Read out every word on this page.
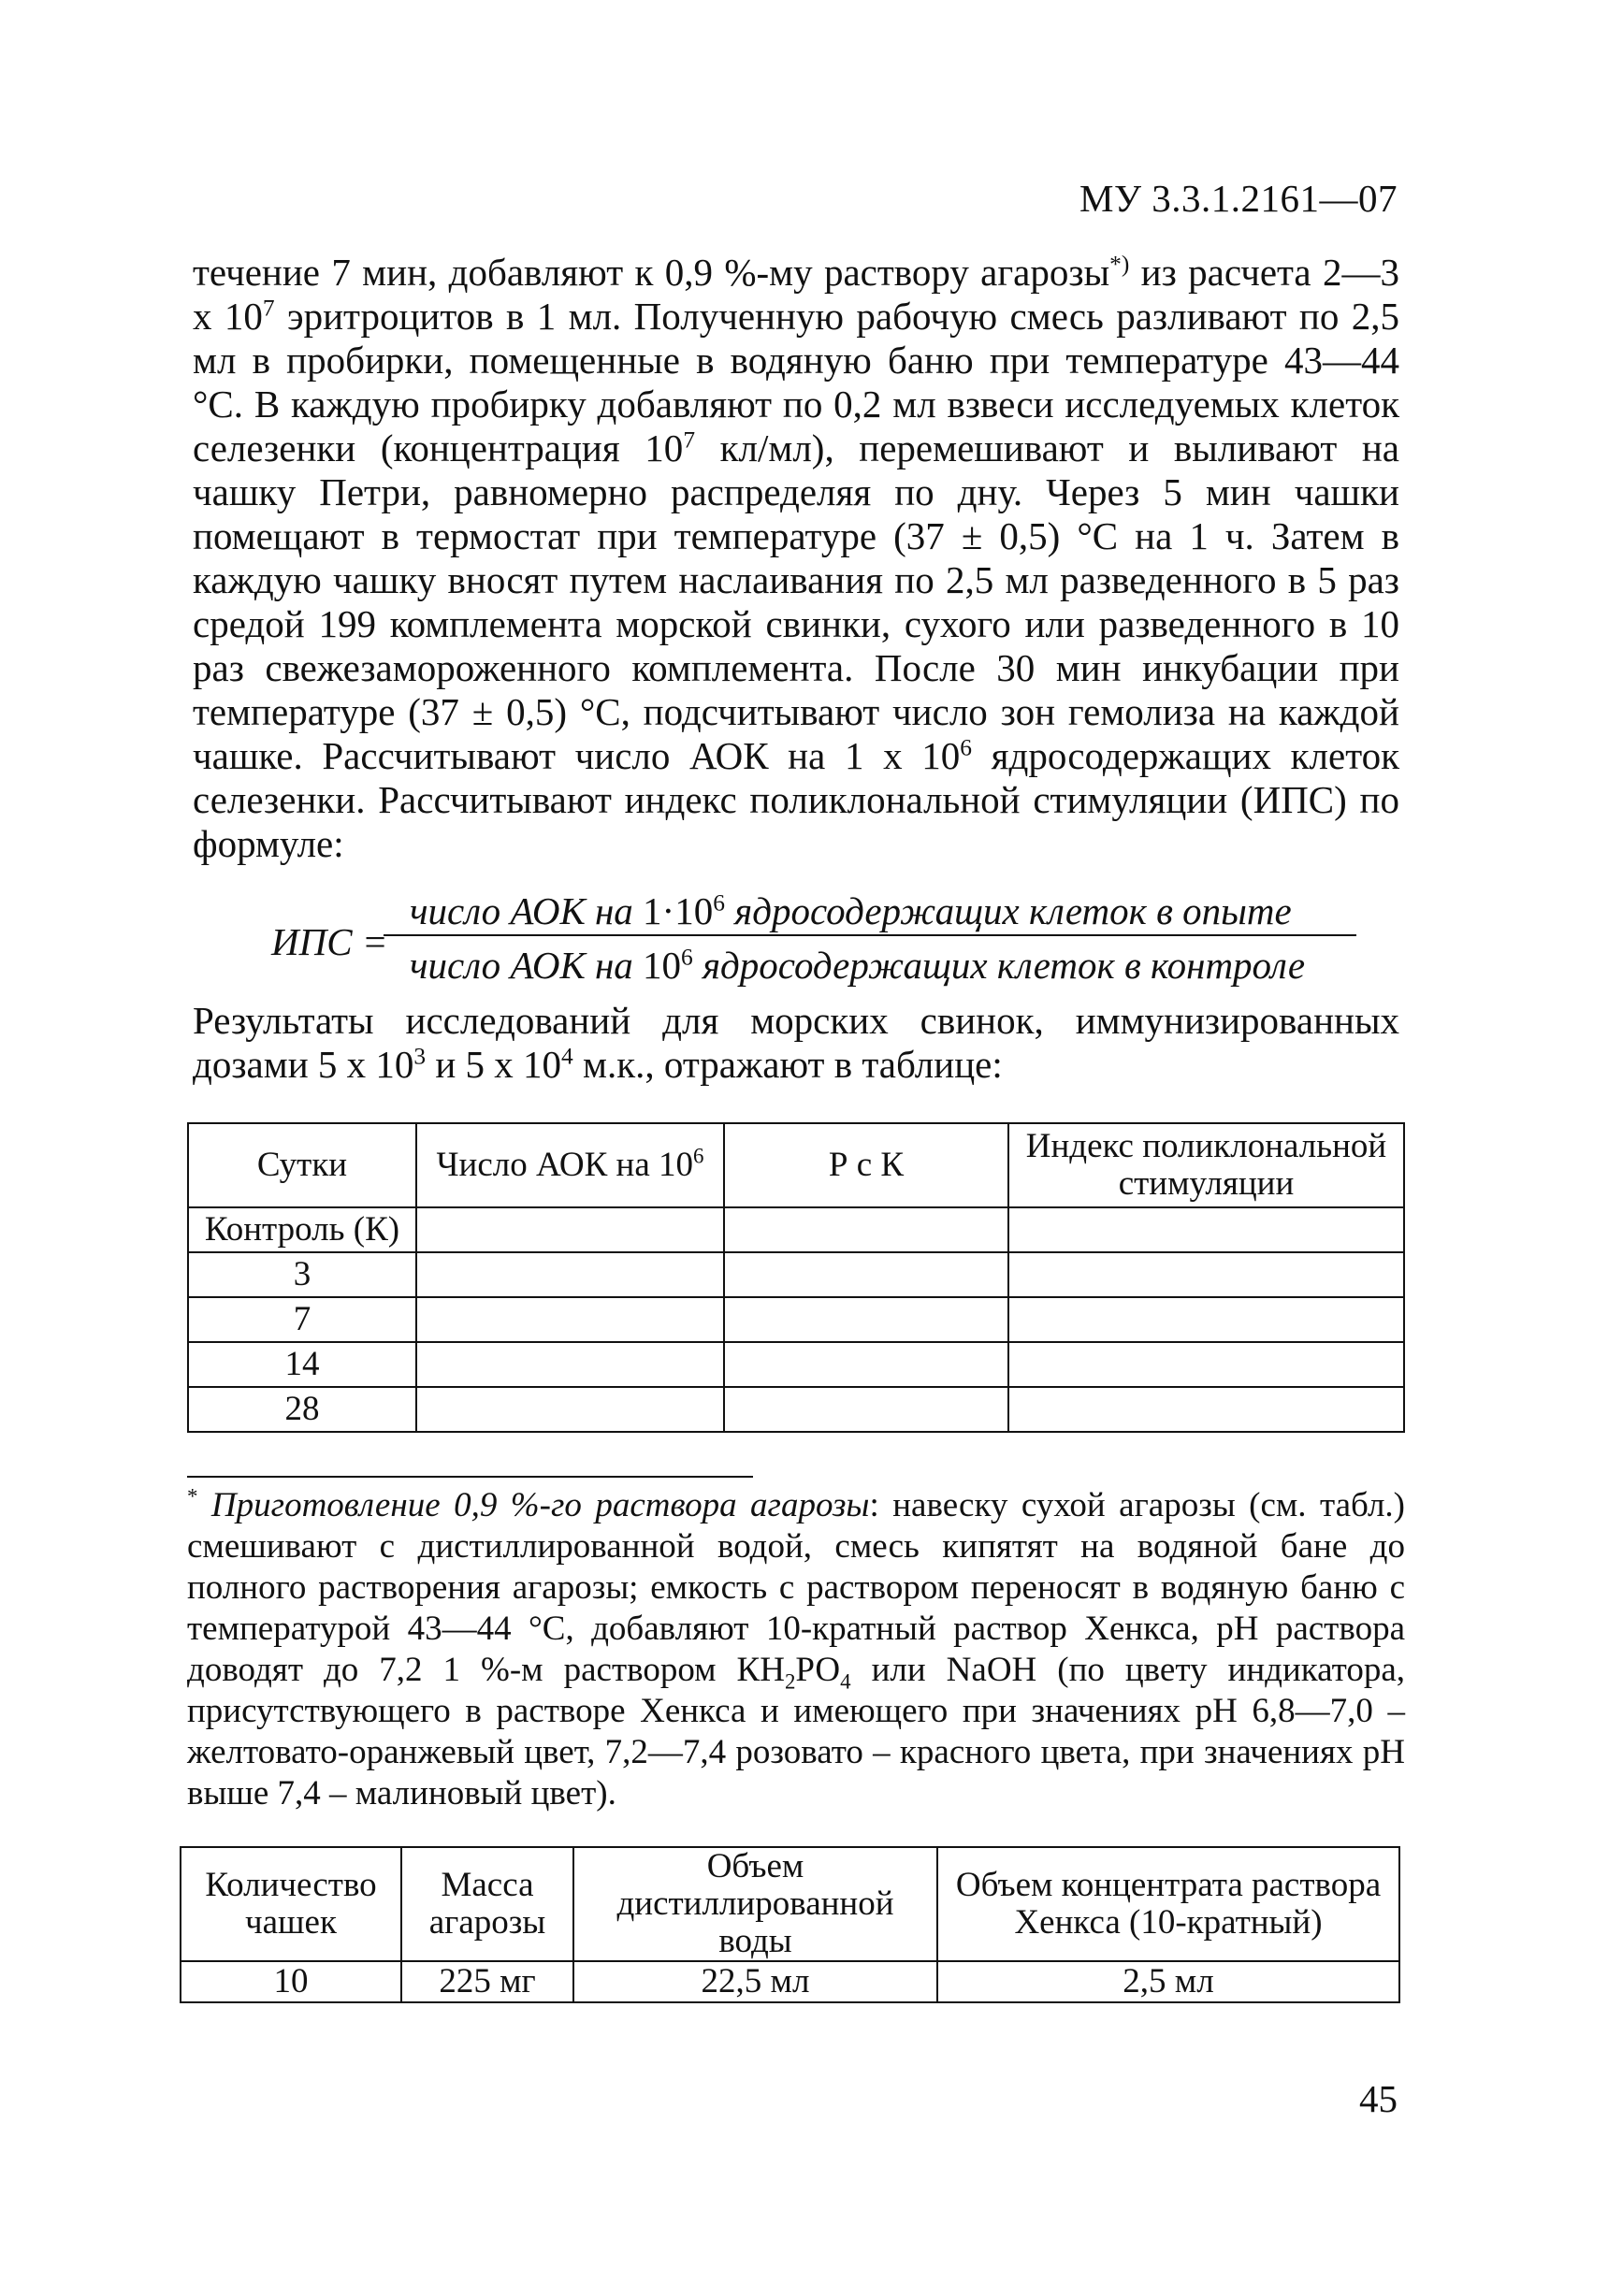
МУ 3.3.1.2161—07

течение 7 мин, добавляют к 0,9 %-му раствору агарозы*) из расчета 2—3 х $10^7$ эритроцитов в 1 мл. Полученную рабочую смесь разливают по 2,5 мл в пробирки, помещенные в водяную баню при температуре 43—44 °С. В каждую пробирку добавляют по 0,2 мл взвеси исследуемых клеток селезенки (концентрация $10^7$ кл/мл), перемешивают и выливают на чашку Петри, равномерно распределяя по дну. Через 5 мин чашки помещают в термостат при температуре (37 ± 0,5) °С на 1 ч. Затем в каждую чашку вносят путем наслаивания по 2,5 мл разведенного в 5 раз средой 199 комплемента морской свинки, сухого или разведенного в 10 раз свежезамороженного комплемента. После 30 мин инкубации при температуре (37 ± 0,5) °С, подсчитывают число зон гемолиза на каждой чашке. Рассчитывают число АОК на 1 х $10^6$ ядросодержащих клеток селезенки. Рассчитывают индекс поликлональной стимуляции (ИПС) по формуле:

ИПС =
число АОК на $1\cdot 10^6$ ядросодержащих клеток в опыте
число АОК на $10^6$ ядросодержащих клеток в контроле

Результаты исследований для морских свинок, иммунизированных дозами 5 х $10^3$ и 5 х $10^4$ м.к., отражают в таблице:

Сутки	Число АОК на $10^6$	Р с К	Индекс поликлональной стимуляции
Контроль (К)			
3			
7			
14			
28			

* Приготовление 0,9 %-го раствора агарозы: навеску сухой агарозы (см. табл.) смешивают с дистиллированной водой, смесь кипятят на водяной бане до полного растворения агарозы; емкость с раствором переносят в водяную баню с температурой 43—44 °С, добавляют 10-кратный раствор Хенкса, рН раствора доводят до 7,2 1 %-м раствором $КН_2РО_4$ или NaOH (по цвету индикатора, присутствующего в растворе Хенкса и имеющего при значениях рН 6,8—7,0 – желтовато-оранжевый цвет, 7,2—7,4 розовато – красного цвета, при значениях рН выше 7,4 – малиновый цвет).

Количество чашек	Масса агарозы	Объем дистиллированной воды	Объем концентрата раствора Хенкса (10-кратный)
10	225 мг	22,5 мл	2,5 мл
45
